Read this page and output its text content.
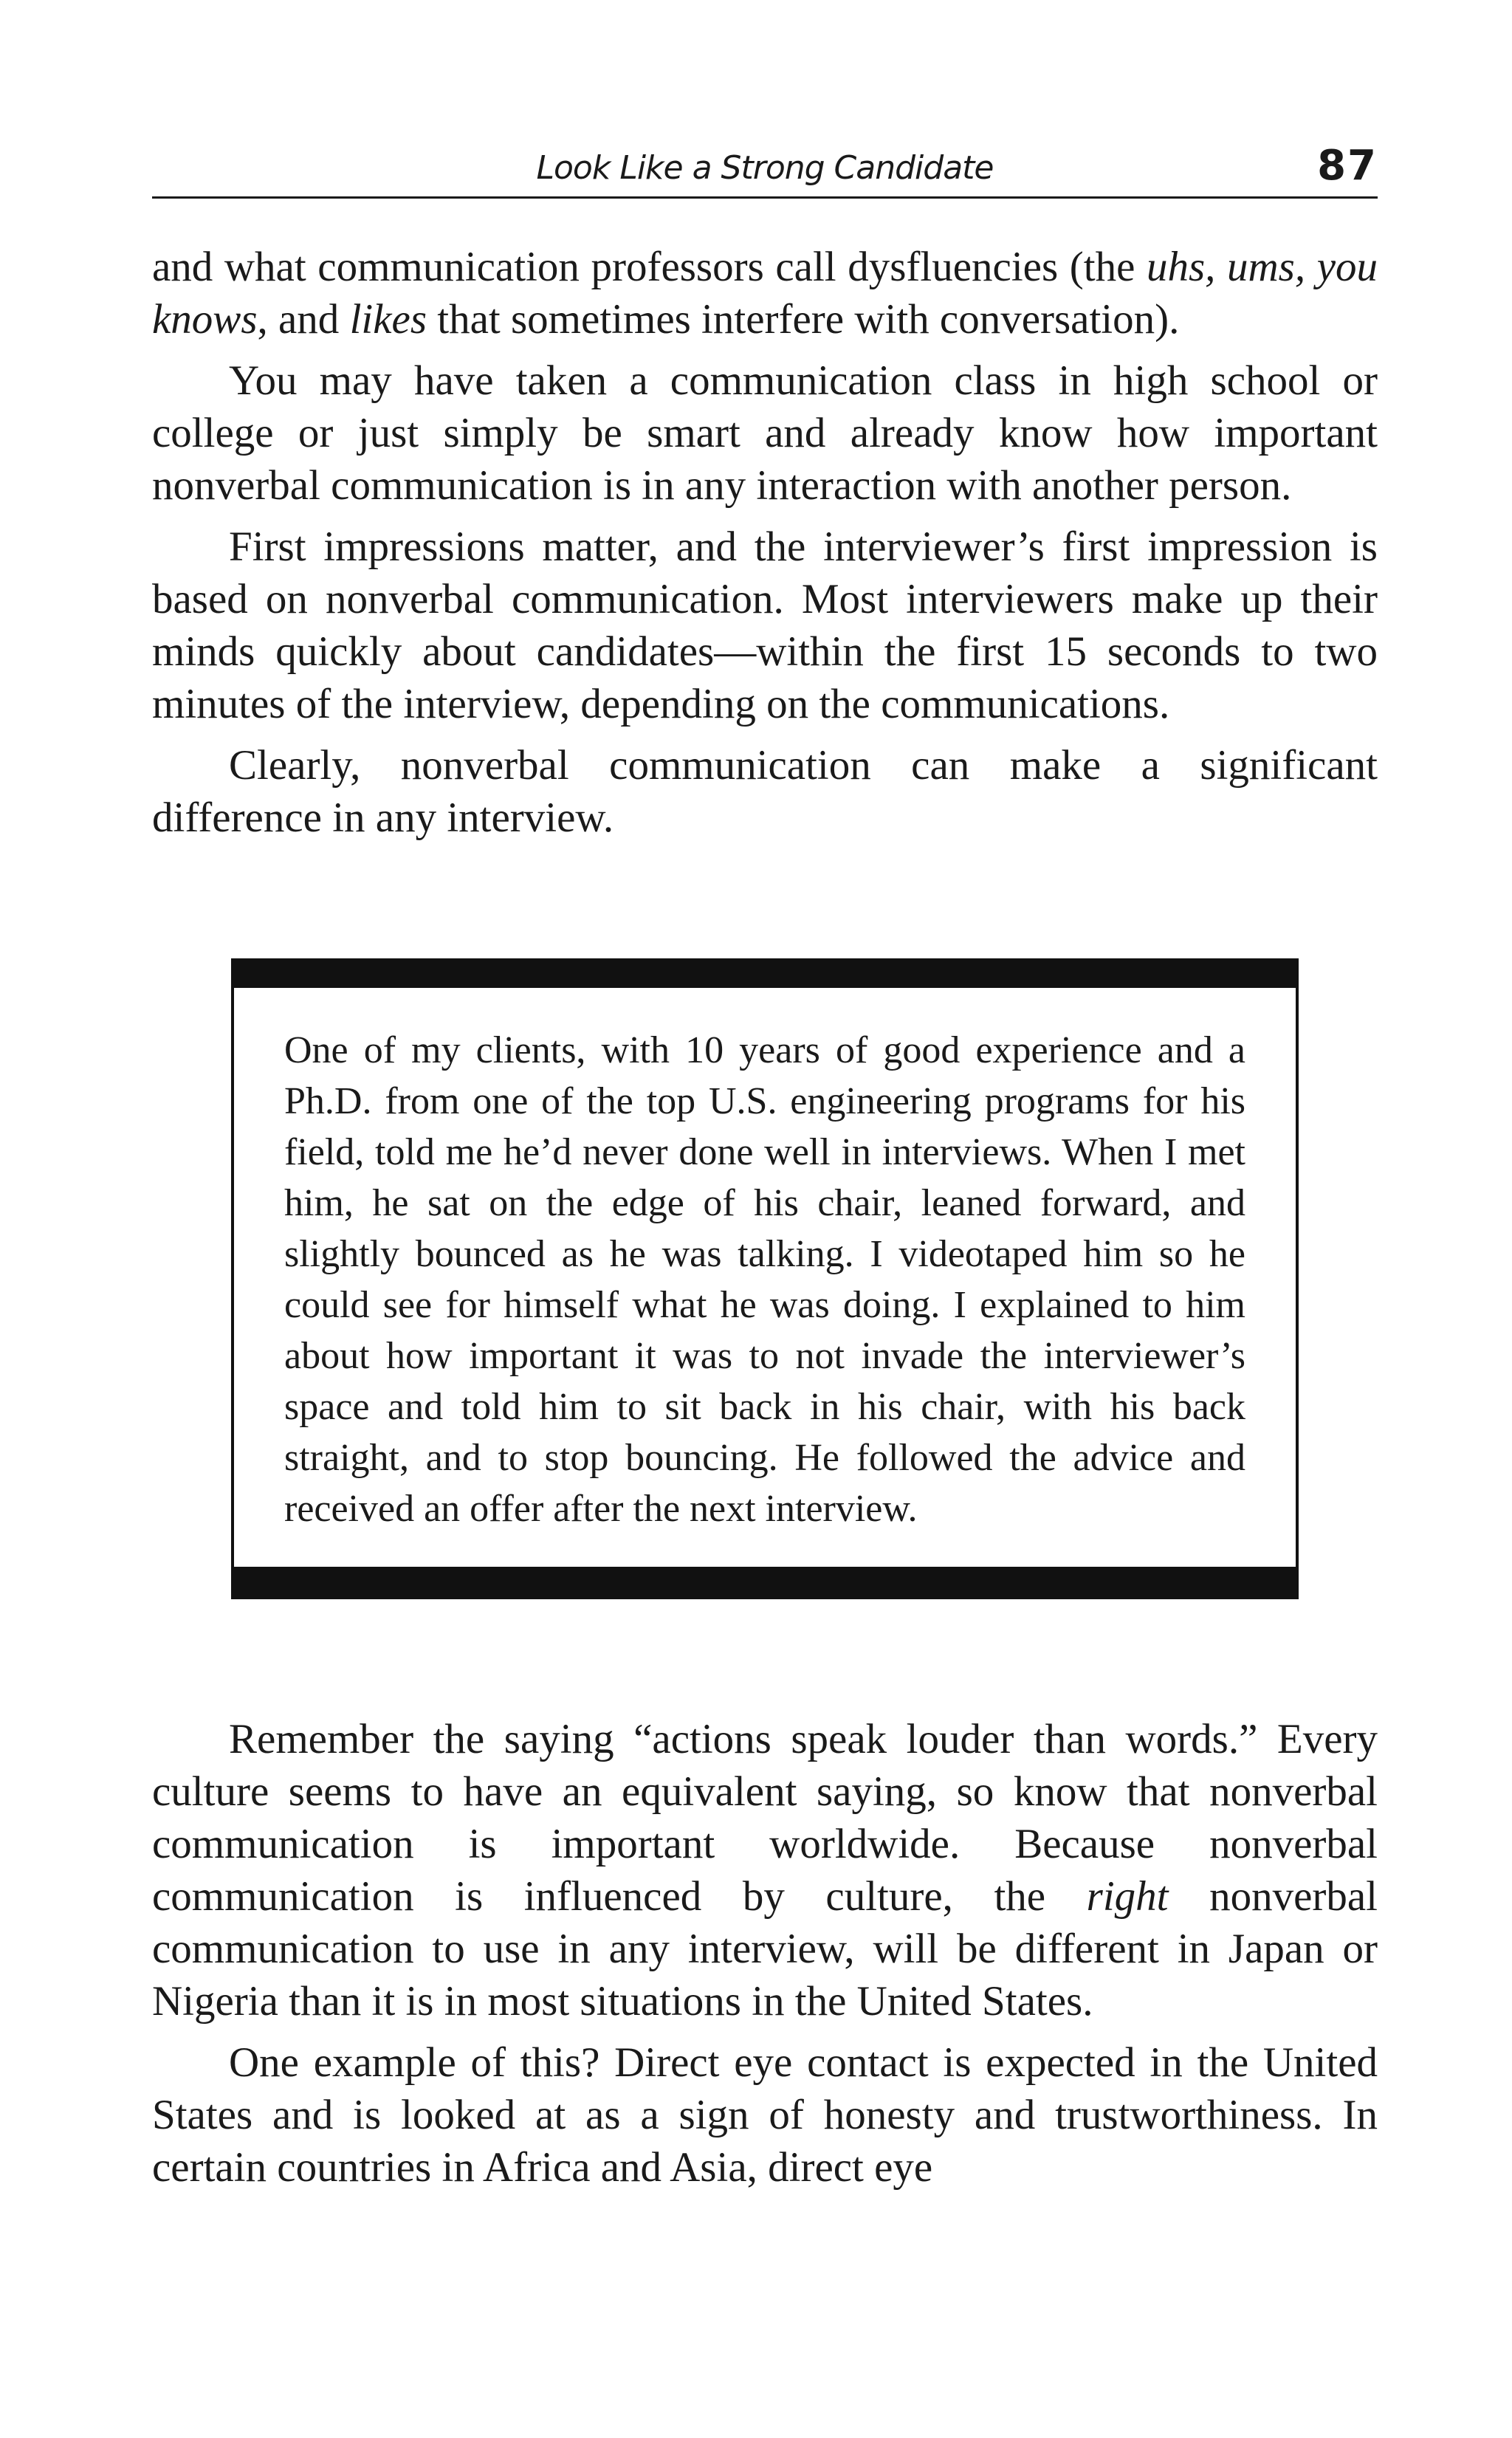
Look Like a Strong Candidate	87

and what communication professors call dysfluencies (the uhs, ums, you knows, and likes that sometimes interfere with conversation).

You may have taken a communication class in high school or college or just simply be smart and already know how important nonverbal communication is in any interaction with another person.

First impressions matter, and the interviewer’s first impression is based on nonverbal communication. Most interviewers make up their minds quickly about candidates—within the first 15 seconds to two minutes of the interview, depending on the communications.

Clearly, nonverbal communication can make a significant difference in any interview.

One of my clients, with 10 years of good experience and a Ph.D. from one of the top U.S. engineering programs for his field, told me he’d never done well in interviews. When I met him, he sat on the edge of his chair, leaned forward, and slightly bounced as he was talking. I videotaped him so he could see for himself what he was doing. I explained to him about how important it was to not invade the interviewer’s space and told him to sit back in his chair, with his back straight, and to stop bouncing. He followed the advice and received an offer after the next interview.

Remember the saying “actions speak louder than words.” Every culture seems to have an equivalent saying, so know that nonverbal communication is important worldwide. Because nonverbal communication is influenced by culture, the right nonverbal communication to use in any interview, will be different in Japan or Nigeria than it is in most situations in the United States.

One example of this? Direct eye contact is expected in the United States and is looked at as a sign of honesty and trustworthiness. In certain countries in Africa and Asia, direct eye
